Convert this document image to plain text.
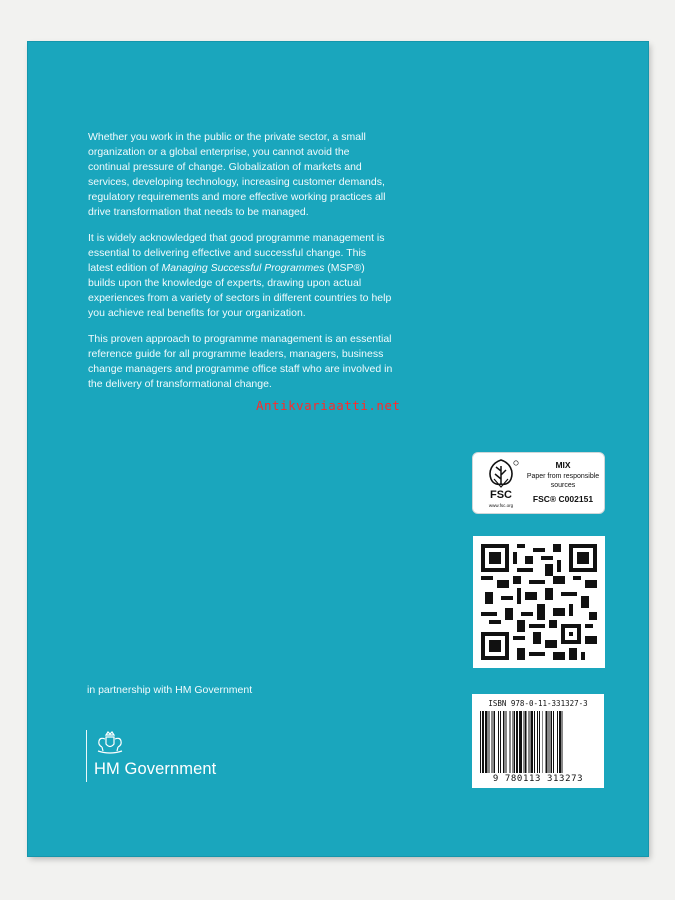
Whether you work in the public or the private sector, a small organization or a global enterprise, you cannot avoid the continual pressure of change. Globalization of markets and services, developing technology, increasing customer demands, regulatory requirements and more effective working practices all drive transformation that needs to be managed.

It is widely acknowledged that good programme management is essential to delivering effective and successful change. This latest edition of Managing Successful Programmes (MSP®) builds upon the knowledge of experts, drawing upon actual experiences from a variety of sectors in different countries to help you achieve real benefits for your organization.

This proven approach to programme management is an essential reference guide for all programme leaders, managers, business change managers and programme office staff who are involved in the delivery of transformational change.

Antikvariaatti.net
FSC
www.fsc.org
MIX
Paper from responsible sources
FSC® C002151
in partnership with HM Government
HM Government
ISBN 978-0-11-331327-3
9 780113 313273
